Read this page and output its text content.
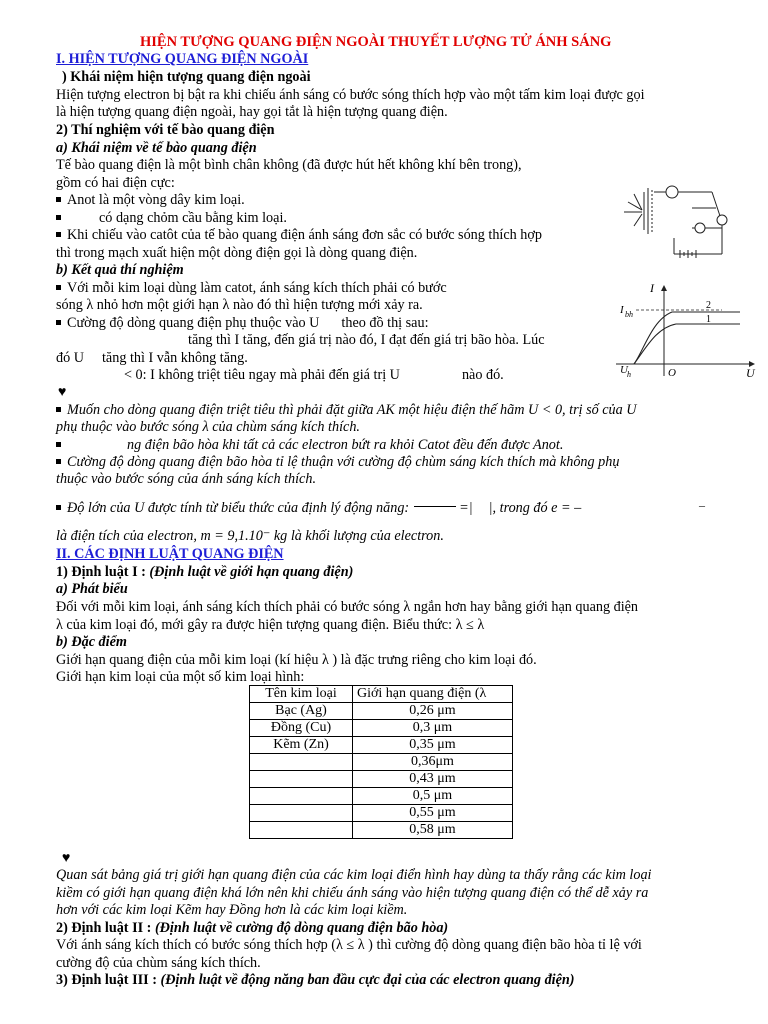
HIỆN TƯỢNG QUANG ĐIỆN NGOÀI THUYẾT LƯỢNG TỬ ÁNH SÁNG
I. HIỆN TƯỢNG QUANG ĐIỆN NGOÀI
) Khái niệm hiện tượng quang điện ngoài
Hiện tượng electron bị bật ra khi chiếu ánh sáng có bước sóng thích hợp vào một tấm kim loại được gọi
là hiện tượng quang điện ngoài, hay gọi tắt là hiện tượng quang điện.
2) Thí nghiệm với tế bào quang điện
a) Khái niệm về tế bào quang điện
Tế bào quang điện là một bình chân không (đã được hút hết không khí bên trong),
gồm có hai điện cực:
Anot là một vòng dây kim loại.
có dạng chỏm cầu bằng kim loại.
Khi chiếu vào catôt của tế bào quang điện ánh sáng đơn sắc có bước sóng thích hợp
thì trong mạch xuất hiện một dòng điện gọi là dòng quang điện.
b) Kết quả thí nghiệm
Với mỗi kim loại dùng làm catot, ánh sáng kích thích phải có bước
sóng λ nhỏ hơn một giới hạn λ nào đó thì hiện tượng mới xảy ra.
Cường độ dòng quang điện phụ thuộc vào U theo đồ thị sau:
tăng thì I tăng, đến giá trị nào đó, I đạt đến giá trị bão hòa. Lúc
đó U tăng thì I vẫn không tăng.
< 0: I không triệt tiêu ngay mà phải đến giá trị U	nào đó.
♥
Muốn cho dòng quang điện triệt tiêu thì phải đặt giữa AK một hiệu điện thế hãm U < 0, trị số của U
phụ thuộc vào bước sóng λ của chùm sáng kích thích.
ng điện bão hòa khi tất cả các electron bứt ra khỏi Catot đều đến được Anot.
Cường độ dòng quang điện bão hòa tỉ lệ thuận với cường độ chùm sáng kích thích mà không phụ
thuộc vào bước sóng của ánh sáng kích thích.
Độ lớn của U được tính từ biểu thức của định lý động năng:	=| |, trong đó e = –	–
là điện tích của electron, m = 9,1.10⁻ kg là khối lượng của electron.
II. CÁC ĐỊNH LUẬT QUANG ĐIỆN
1) Định luật I : (Định luật về giới hạn quang điện)
a) Phát biểu
Đối với mỗi kim loại, ánh sáng kích thích phải có bước sóng λ ngắn hơn hay bằng giới hạn quang điện
λ của kim loại đó, mới gây ra được hiện tượng quang điện. Biểu thức: λ ≤ λ
b) Đặc điểm
Giới hạn quang điện của mỗi kim loại (kí hiệu λ ) là đặc trưng riêng cho kim loại đó.
Giới hạn kim loại của một số kim loại hình:
Tên kim loại	Giới hạn quang điện (λ
Bạc (Ag)	0,26 μm
Đồng (Cu)	0,3 μm
Kẽm (Zn)	0,35 μm
	0,36μm
	0,43 μm
	0,5 μm
	0,55 μm
	0,58 μm
♥
Quan sát bảng giá trị giới hạn quang điện của các kim loại điển hình hay dùng ta thấy rằng các kim loại
kiềm có giới hạn quang điện khá lớn nên khi chiếu ánh sáng vào hiện tượng quang điện có thể dễ xảy ra
hơn với các kim loại Kẽm hay Đồng hơn là các kim loại kiềm.
2) Định luật II : (Định luật về cường độ dòng quang điện bão hòa)
Với ánh sáng kích thích có bước sóng thích hợp (λ ≤ λ ) thì cường độ dòng quang điện bão hòa tỉ lệ với
cường độ của chùm sáng kích thích.
3) Định luật III : (Định luật về động năng ban đầu cực đại của các electron quang điện)
I
U
I bh
U h	O
1
2
